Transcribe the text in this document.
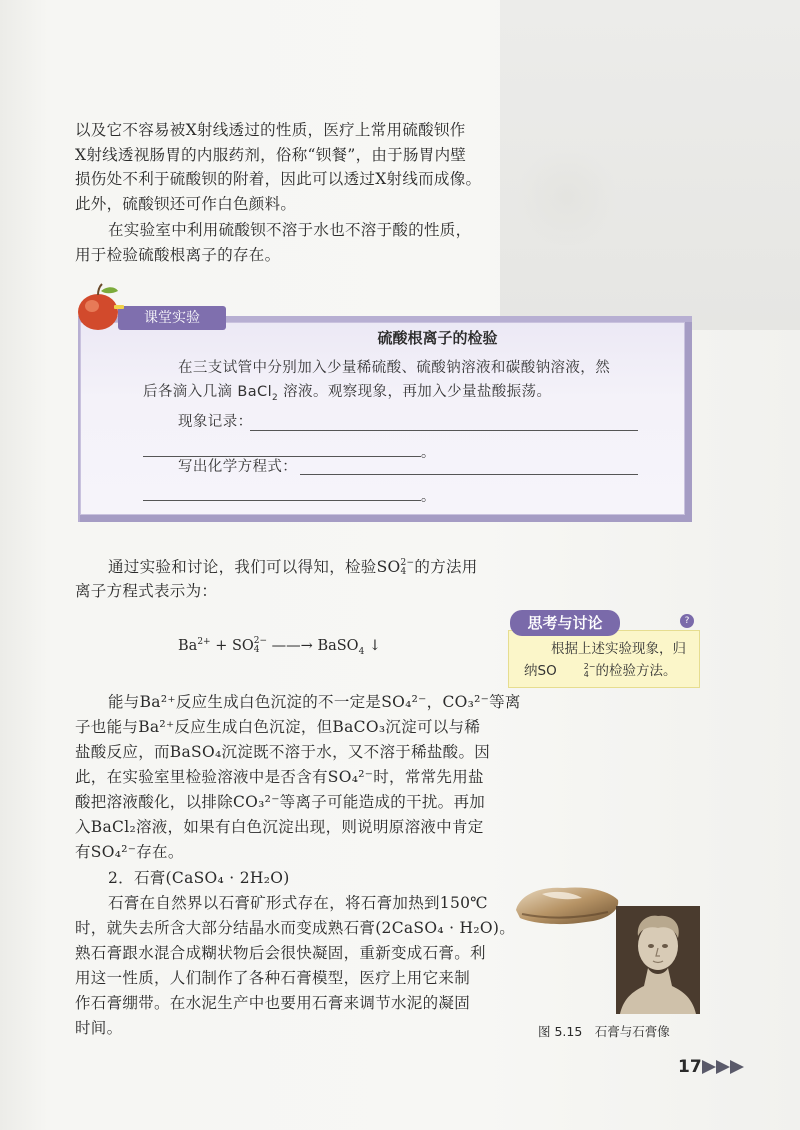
以及它不容易被X射线透过的性质，医疗上常用硫酸钡作

X射线透视肠胃的内服药剂，俗称“钡餐”，由于肠胃内壁

损伤处不利于硫酸钡的附着，因此可以透过X射线而成像。

此外，硫酸钡还可作白色颜料。

在实验室中利用硫酸钡不溶于水也不溶于酸的性质，

用于检验硫酸根离子的存在。

课堂实验
硫酸根离子的检验
在三支试管中分别加入少量稀硫酸、硫酸钠溶液和碳酸钠溶液，然
后各滴入几滴 BaCl$_2$ 溶液。观察现象，再加入少量盐酸振荡。
现象记录：
。
写出化学方程式：
。

通过实验和讨论，我们可以得知，检验SO 2−
4 的方法用

离子方程式表示为：

$Ba^{2+}$ + SO 2−
4 ——→ BaSO$_4$ ↓
思考与讨论	?
根据上述实验现象，归
纳SO	2−
4 的检验方法。

能与Ba²⁺反应生成白色沉淀的不一定是SO₄²⁻，CO₃²⁻等离

子也能与Ba²⁺反应生成白色沉淀，但BaCO₃沉淀可以与稀

盐酸反应，而BaSO₄沉淀既不溶于水，又不溶于稀盐酸。因

此，在实验室里检验溶液中是否含有SO₄²⁻时，常常先用盐

酸把溶液酸化，以排除CO₃²⁻等离子可能造成的干扰。再加

入BaCl₂溶液，如果有白色沉淀出现，则说明原溶液中肯定

有SO₄²⁻存在。

2．石膏(CaSO₄ · 2H₂O)

石膏在自然界以石膏矿形式存在，将石膏加热到150℃

时，就失去所含大部分结晶水而变成熟石膏(2CaSO₄ · H₂O)。

熟石膏跟水混合成糊状物后会很快凝固，重新变成石膏。利

用这一性质，人们制作了各种石膏模型，医疗上用它来制

作石膏绷带。在水泥生产中也要用石膏来调节水泥的凝固

时间。	图 5.15　石膏与石膏像
17
